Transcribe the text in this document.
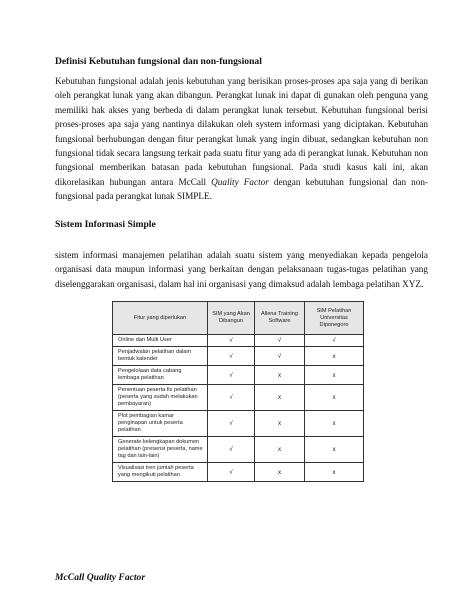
Definisi Kebutuhan fungsional dan non-fungsional
Kebutuhan fungsional adalah jenis kebutuhan yang berisikan proses-proses apa saja yang di berikan oleh perangkat lunak yang akan dibangun. Perangkat lunak ini dapat di gunakan oleh penguna yang memiliki hak akses yang berbeda di dalam perangkat lunak tersebut. Kebutuhan fungsional berisi proses-proses apa saja yang nantinya dilakukan oleh system informasi yang diciptakan. Kebutuhan fungsional berhubungan dengan fitur perangkat lunak yang ingin dibuat, sedangkan kebutuhan non fungsional tidak secara langsung terkait pada suatu fitur yang ada di perangkat lunak. Kebutuhan non fungsional memberikan batasan pada kebutuhan fungsional. Pada studi kasus kali ini, akan dikorelasikan hubungan antara McCall Quality Factor dengan kebutuhan fungsional dan non-fungsional pada perangkat lunak SIMPLE.
Sistem Informasi Simple
sistem informasi manajemen pelatihan adalah suatu sistem yang menyediakan kepada pengelola organisasi data maupun informasi yang berkaitan dengan pelaksanaan tugas-tugas pelatihan yang diselenggarakan organisasi, dalam hal ini organisasi yang dimaksud adalah lembaga pelatihan XYZ.
Fitur yang diperlukan	SIM yang Akan Dibangun	Allena Training Software	SIM Pelatihan Universitas Diponegoro
Online dan Multi User	√	√	√
Penjadwalan pelatihan dalam bentuk kalender	√	√	x
Pengelolaan data cabang lembaga pelatihan	√	x	x
Penentuan peserta fix pelatihan (peserta yang sudah melakukan pembayaran)	√	x	x
Plot pembagian kamar penginapan untuk peserta pelatihan	√	x	x
Generate kelengkapan dokumen pelatihan (presensi peserta, name tag dan lain-lain)	√	x	x
Visualisasi tren jumlah peserta yang mengikuti pelatihan	√	x	x
McCall Quality Factor
